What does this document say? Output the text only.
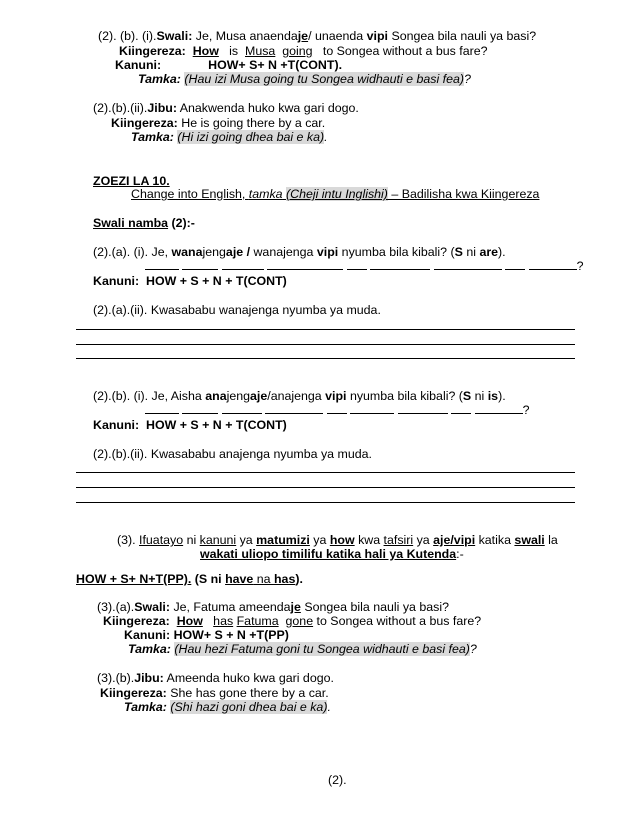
(2). (b). (i).Swali: Je, Musa anaendaje/ unaenda vipi Songea bila nauli ya basi?
Kiingereza: How is Musa going to Songea without a bus fare?
Kanuni:	HOW+ S+ N +T(CONT).
Tamka: (Hau izi Musa going tu Songea widhauti e basi fea)?
(2).(b).(ii).Jibu: Anakwenda huko kwa gari dogo.
Kiingereza: He is going there by a car.
Tamka: (Hi izi going dhea bai e ka).
ZOEZI LA 10.
Change into English, tamka (Cheji intu Inglishi) – Badilisha kwa Kiingereza
Swali namba (2):-
(2).(a). (i). Je, wanajengaje / wanajenga vipi nyumba bila kibali? (S ni are).
?
Kanuni: HOW + S + N + T(CONT)
(2).(a).(ii). Kwasababu wanajenga nyumba ya muda.
(2).(b). (i). Je, Aisha anajengaje/anajenga vipi nyumba bila kibali? (S ni is).
?
Kanuni: HOW + S + N + T(CONT)
(2).(b).(ii). Kwasababu anajenga nyumba ya muda.
(3). Ifuatayo ni kanuni ya matumizi ya how kwa tafsiri ya aje/vipi katika swali la
wakati uliopo timilifu katika hali ya Kutenda:-
HOW + S+ N+T(PP). (S ni have na has).
(3).(a).Swali: Je, Fatuma ameendaje Songea bila nauli ya basi?
Kiingereza: How has Fatuma gone to Songea without a bus fare?
Kanuni: HOW+ S + N +T(PP)
Tamka: (Hau hezi Fatuma goni tu Songea widhauti e basi fea)?
(3).(b).Jibu: Ameenda huko kwa gari dogo.
Kiingereza: She has gone there by a car.
Tamka: (Shi hazi goni dhea bai e ka).
(2).
